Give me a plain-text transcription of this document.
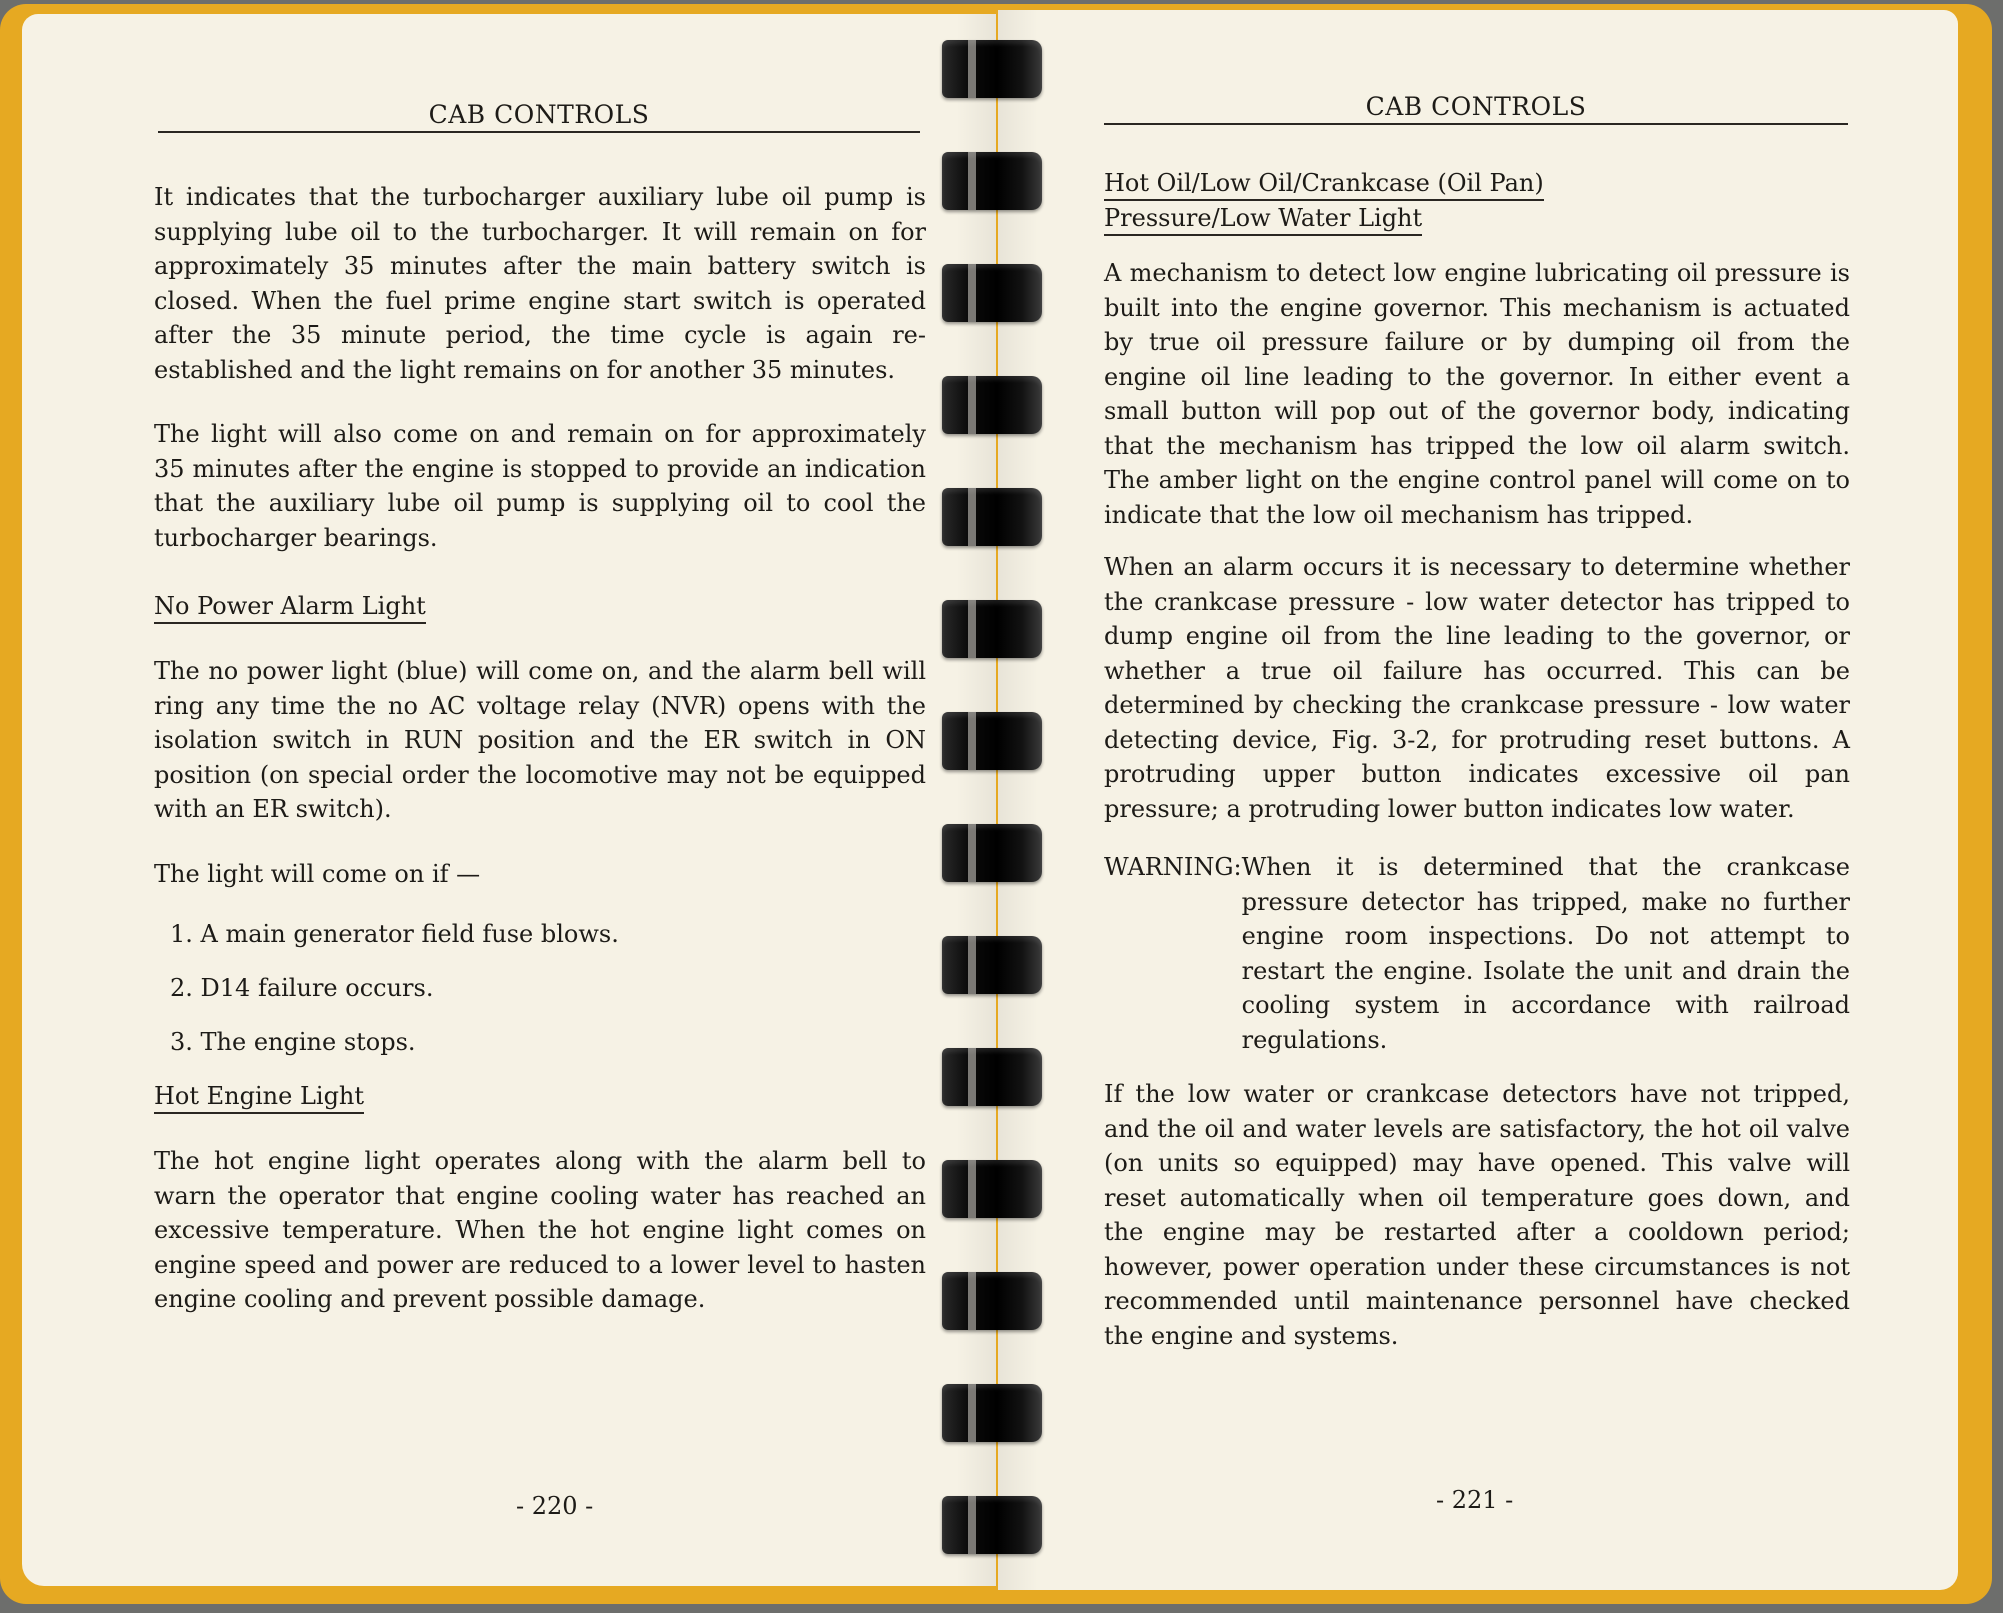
CAB CONTROLS

It indicates that the turbocharger auxiliary lube oil pump is supplying lube oil to the turbocharger. It will remain on for approximately 35 minutes after the main battery switch is closed. When the fuel prime engine start switch is operated after the 35 minute period, the time cycle is again re-established and the light remains on for another 35 minutes.

The light will also come on and remain on for approximately 35 minutes after the engine is stopped to provide an indication that the auxiliary lube oil pump is supplying oil to cool the turbocharger bearings.

No Power Alarm Light

The no power light (blue) will come on, and the alarm bell will ring any time the no AC voltage relay (NVR) opens with the isolation switch in RUN position and the ER switch in ON position (on special order the locomotive may not be equipped with an ER switch).

The light will come on if —

1. A main generator field fuse blows.
2. D14 failure occurs.
3. The engine stops.
Hot Engine Light

The hot engine light operates along with the alarm bell to warn the operator that engine cooling water has reached an excessive temperature. When the hot engine light comes on engine speed and power are reduced to a lower level to hasten engine cooling and prevent possible damage.

- 220 -
CAB CONTROLS
Hot Oil/Low Oil/Crankcase (Oil Pan)
Pressure/Low Water Light

A mechanism to detect low engine lubricating oil pressure is built into the engine governor. This mechanism is actuated by true oil pressure failure or by dumping oil from the engine oil line leading to the governor. In either event a small button will pop out of the governor body, indicating that the mechanism has tripped the low oil alarm switch. The amber light on the engine control panel will come on to indicate that the low oil mechanism has tripped.

When an alarm occurs it is necessary to determine whether the crankcase pressure - low water detector has tripped to dump engine oil from the line leading to the governor, or whether a true oil failure has occurred. This can be determined by checking the crankcase pressure - low water detecting device, Fig. 3-2, for protruding reset buttons. A protruding upper button indicates excessive oil pan pressure; a protruding lower button indicates low water.

WARNING: When it is determined that the crankcase pressure detector has tripped, make no further engine room inspections. Do not attempt to restart the engine. Isolate the unit and drain the cooling system in accordance with railroad regulations.

If the low water or crankcase detectors have not tripped, and the oil and water levels are satisfactory, the hot oil valve (on units so equipped) may have opened. This valve will reset automatically when oil temperature goes down, and the engine may be restarted after a cooldown period; however, power operation under these circumstances is not recommended until maintenance personnel have checked the engine and systems.

- 221 -
